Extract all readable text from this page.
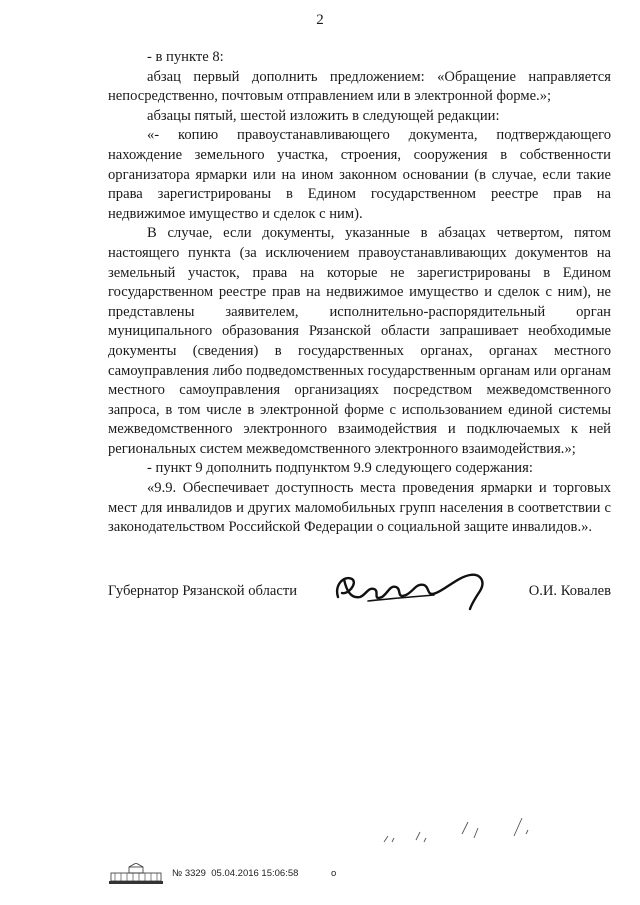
2

- в пункте 8:

абзац первый дополнить предложением: «Обращение направляется непосредственно, почтовым отправлением или в электронной форме.»;

абзацы пятый, шестой изложить в следующей редакции:

«- копию правоустанавливающего документа, подтверждающего нахождение земельного участка, строения, сооружения в собственности организатора ярмарки или на ином законном основании (в случае, если такие права зарегистрированы в Едином государственном реестре прав на недвижимое имущество и сделок с ним).

В случае, если документы, указанные в абзацах четвертом, пятом настоящего пункта (за исключением правоустанавливающих документов на земельный участок, права на которые не зарегистрированы в Едином государственном реестре прав на недвижимое имущество и сделок с ним), не представлены заявителем, исполнительно-распорядительный орган муниципального образования Рязанской области запрашивает необходимые документы (сведения) в государственных органах, органах местного самоуправления либо подведомственных государственным органам или органам местного самоуправления организациях посредством межведомственного запроса, в том числе в электронной форме с использованием единой системы межведомственного электронного взаимодействия и подключаемых к ней региональных систем межведомственного электронного взаимодействия.»;

- пункт 9 дополнить подпунктом 9.9 следующего содержания:

«9.9. Обеспечивает доступность места проведения ярмарки и торговых мест для инвалидов и других маломобильных групп населения в соответствии с законодательством Российской Федерации о социальной защите инвалидов.».

Губернатор Рязанской области	О.И. Ковалев
№ 3329 05.04.2016 15:06:58	o
